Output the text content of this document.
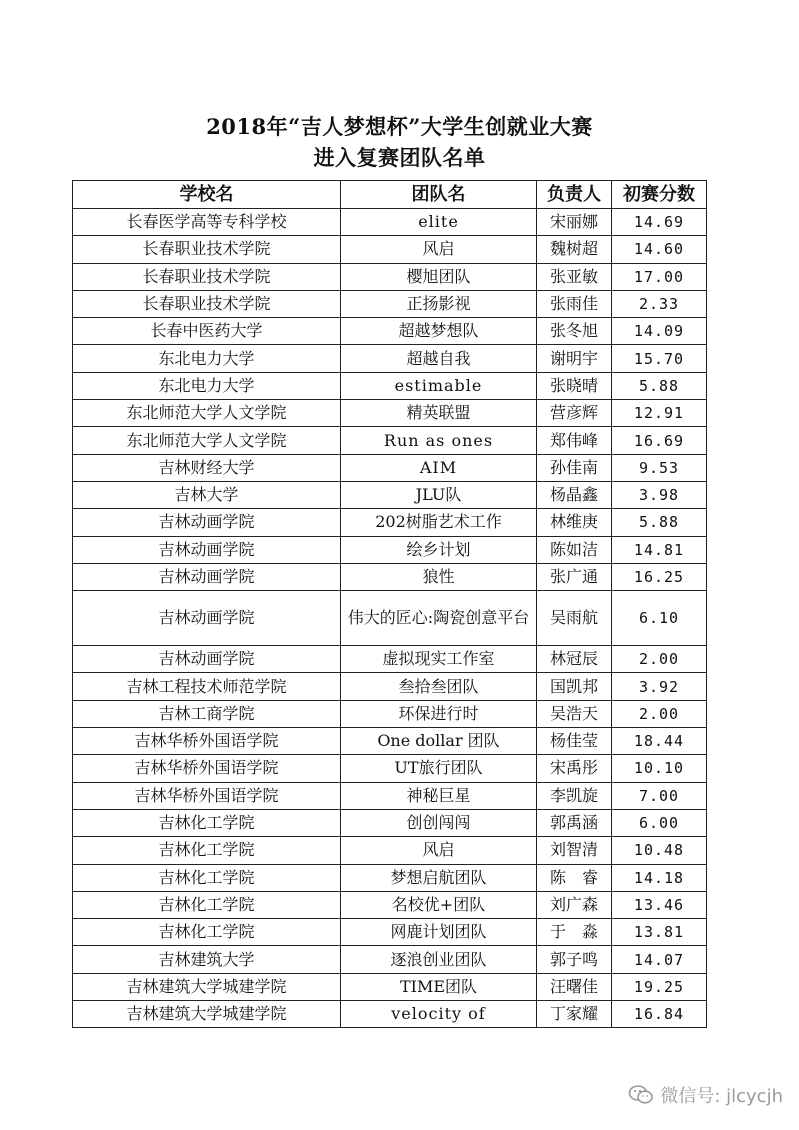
2018年“吉人梦想杯”大学生创就业大赛
进入复赛团队名单
学校名	团队名	负责人	初赛分数
长春医学高等专科学校	elite	宋丽娜	14.69
长春职业技术学院	风启	魏树超	14.60
长春职业技术学院	樱旭团队	张亚敏	17.00
长春职业技术学院	正扬影视	张雨佳	2.33
长春中医药大学	超越梦想队	张冬旭	14.09
东北电力大学	超越自我	谢明宇	15.70
东北电力大学	estimable	张晓晴	5.88
东北师范大学人文学院	精英联盟	营彦辉	12.91
东北师范大学人文学院	Run as ones	郑伟峰	16.69
吉林财经大学	AIM	孙佳南	9.53
吉林大学	JLU队	杨晶鑫	3.98
吉林动画学院	202树脂艺术工作	林维庚	5.88
吉林动画学院	绘乡计划	陈如洁	14.81
吉林动画学院	狼性	张广通	16.25
吉林动画学院	伟大的匠心:陶瓷创意平台	吴雨航	6.10
吉林动画学院	虚拟现实工作室	林冠辰	2.00
吉林工程技术师范学院	叁拾叁团队	国凯邦	3.92
吉林工商学院	环保进行时	吴浩天	2.00
吉林华桥外国语学院	One dollar 团队	杨佳莹	18.44
吉林华桥外国语学院	UT旅行团队	宋禹彤	10.10
吉林华桥外国语学院	神秘巨星	李凯旋	7.00
吉林化工学院	创创闯闯	郭禹涵	6.00
吉林化工学院	风启	刘智清	10.48
吉林化工学院	梦想启航团队	陈　睿	14.18
吉林化工学院	名校优+团队	刘广森	13.46
吉林化工学院	网鹿计划团队	于　淼	13.81
吉林建筑大学	逐浪创业团队	郭子鸣	14.07
吉林建筑大学城建学院	TIME团队	汪曙佳	19.25
吉林建筑大学城建学院	velocity of	丁家耀	16.84
微信号: jlcycjh
